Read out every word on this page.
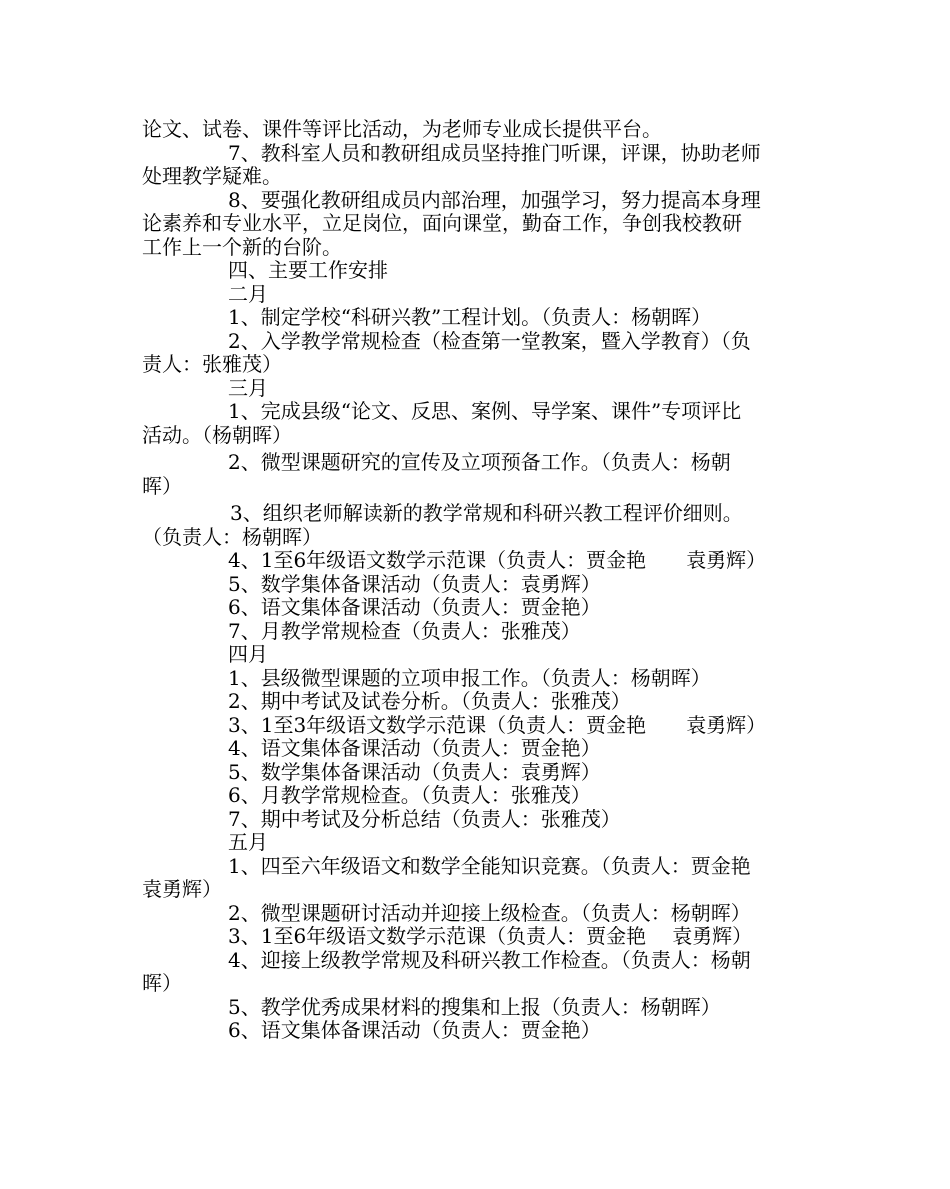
论文、试卷、课件等评比活动，为老师专业成长提供平台。
7、教科室人员和教研组成员坚持推门听课，评课，协助老师
处理教学疑难。
8、要强化教研组成员内部治理，加强学习，努力提高本身理
论素养和专业水平，立足岗位，面向课堂，勤奋工作，争创我校教研
工作上一个新的台阶。
四、主要工作安排
二月
1、制定学校“科研兴教”工程计划。（负责人：杨朝晖）
2、入学教学常规检查（检查第一堂教案，暨入学教育）（负
责人：张雅茂）
三月
1、完成县级“论文、反思、案例、导学案、课件”专项评比
活动。（杨朝晖）
2、微型课题研究的宣传及立项预备工作。（负责人：杨朝
晖）
3、组织老师解读新的教学常规和科研兴教工程评价细则。
（负责人：杨朝晖）
4、1至6年级语文数学示范课（负责人：贾金艳 袁勇辉）
5、数学集体备课活动（负责人：袁勇辉）
6、语文集体备课活动（负责人：贾金艳）
7、月教学常规检查（负责人：张雅茂）
四月
1、县级微型课题的立项申报工作。（负责人：杨朝晖）
2、期中考试及试卷分析。（负责人：张雅茂）
3、1至3年级语文数学示范课（负责人：贾金艳 袁勇辉）
4、语文集体备课活动（负责人：贾金艳）
5、数学集体备课活动（负责人：袁勇辉）
6、月教学常规检查。（负责人：张雅茂）
7、期中考试及分析总结（负责人：张雅茂）
五月
1、四至六年级语文和数学全能知识竞赛。（负责人：贾金艳
袁勇辉）
2、微型课题研讨活动并迎接上级检查。（负责人：杨朝晖）
3、1至6年级语文数学示范课（负责人：贾金艳 袁勇辉）
4、迎接上级教学常规及科研兴教工作检查。（负责人：杨朝
晖）
5、教学优秀成果材料的搜集和上报（负责人：杨朝晖）
6、语文集体备课活动（负责人：贾金艳）
